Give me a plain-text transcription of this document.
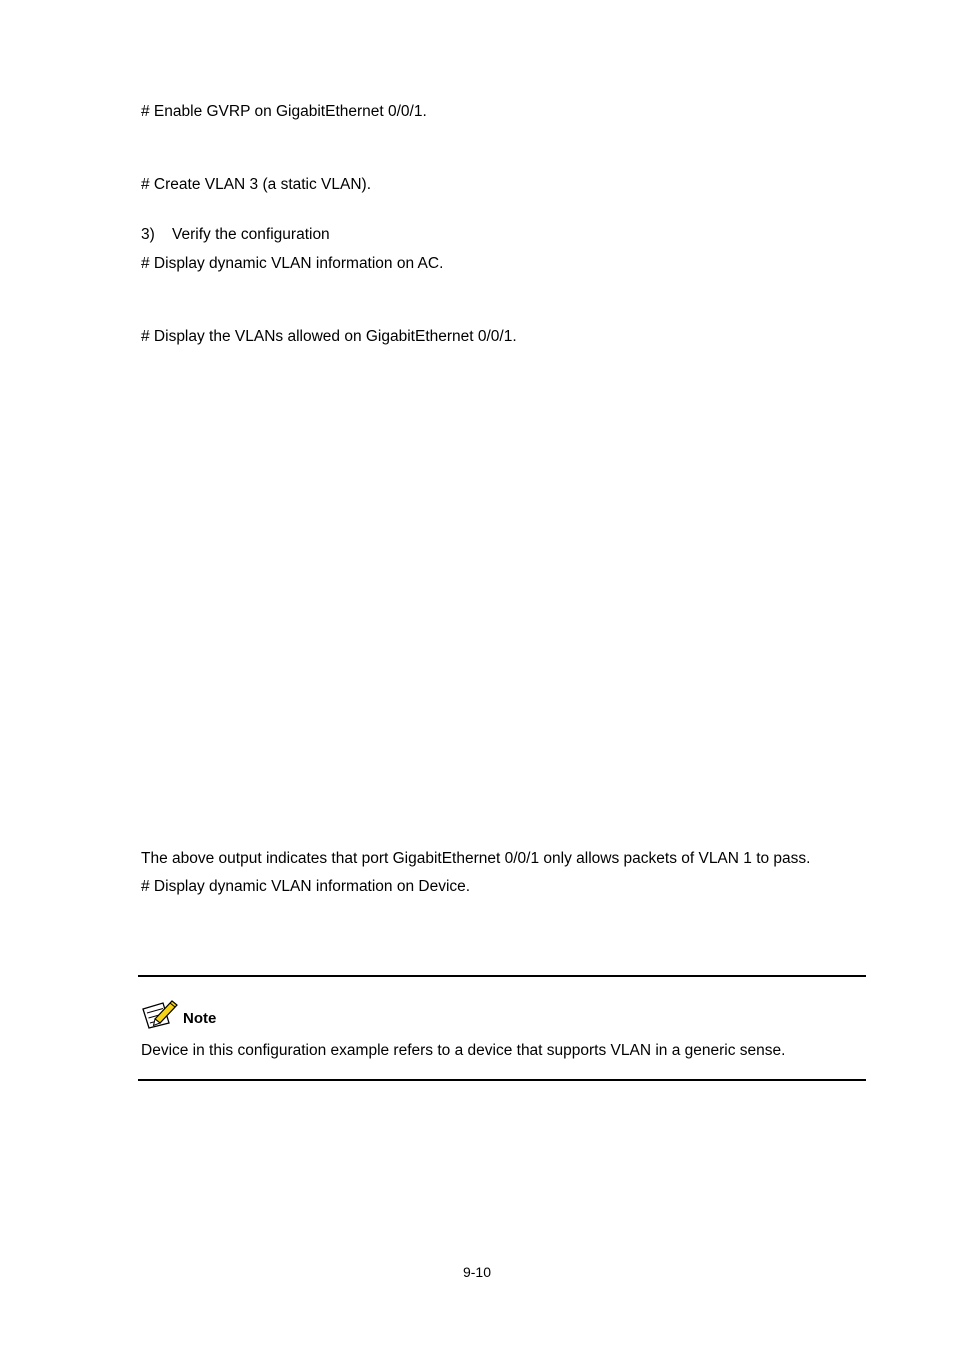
# Enable GVRP on GigabitEthernet 0/0/1.
# Create VLAN 3 (a static VLAN).
3) Verify the configuration
# Display dynamic VLAN information on AC.
# Display the VLANs allowed on GigabitEthernet 0/0/1.
The above output indicates that port GigabitEthernet 0/0/1 only allows packets of VLAN 1 to pass.
# Display dynamic VLAN information on Device.
Note
Device in this configuration example refers to a device that supports VLAN in a generic sense.
9-10
